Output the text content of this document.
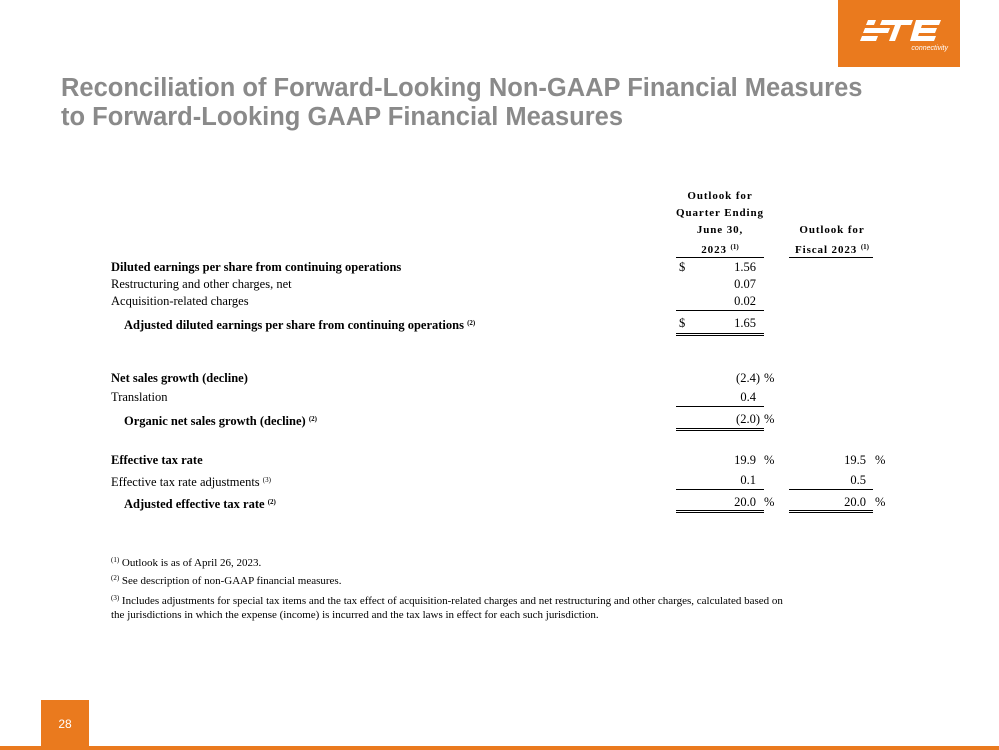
connectivity
Reconciliation of Forward-Looking Non-GAAP Financial Measures
to Forward-Looking GAAP Financial Measures
Outlook for
Quarter Ending
June 30,
2023 $^{(1)}$
Outlook for
Fiscal 2023 $^{(1)}$
Diluted earnings per share from continuing operations	$	1.56
Restructuring and other charges, net	0.07
Acquisition-related charges	0.02
Adjusted diluted earnings per share from continuing operations $^{(2)}$	$	1.65
Net sales growth (decline)	(2.4) %
Translation	0.4
Organic net sales growth (decline) $^{(2)}$	(2.0) %
Effective tax rate	19.9 %	19.5 %
Effective tax rate adjustments $^{(3)}$	0.1	0.5
Adjusted effective tax rate $^{(2)}$	20.0 %	20.0 %
$^{(1)}$ Outlook is as of April 26, 2023.
$^{(2)}$ See description of non-GAAP financial measures.
$^{(3)}$ Includes adjustments for special tax items and the tax effect of acquisition-related charges and net restructuring and other charges, calculated based on
the jurisdictions in which the expense (income) is incurred and the tax laws in effect for each such jurisdiction.
28
